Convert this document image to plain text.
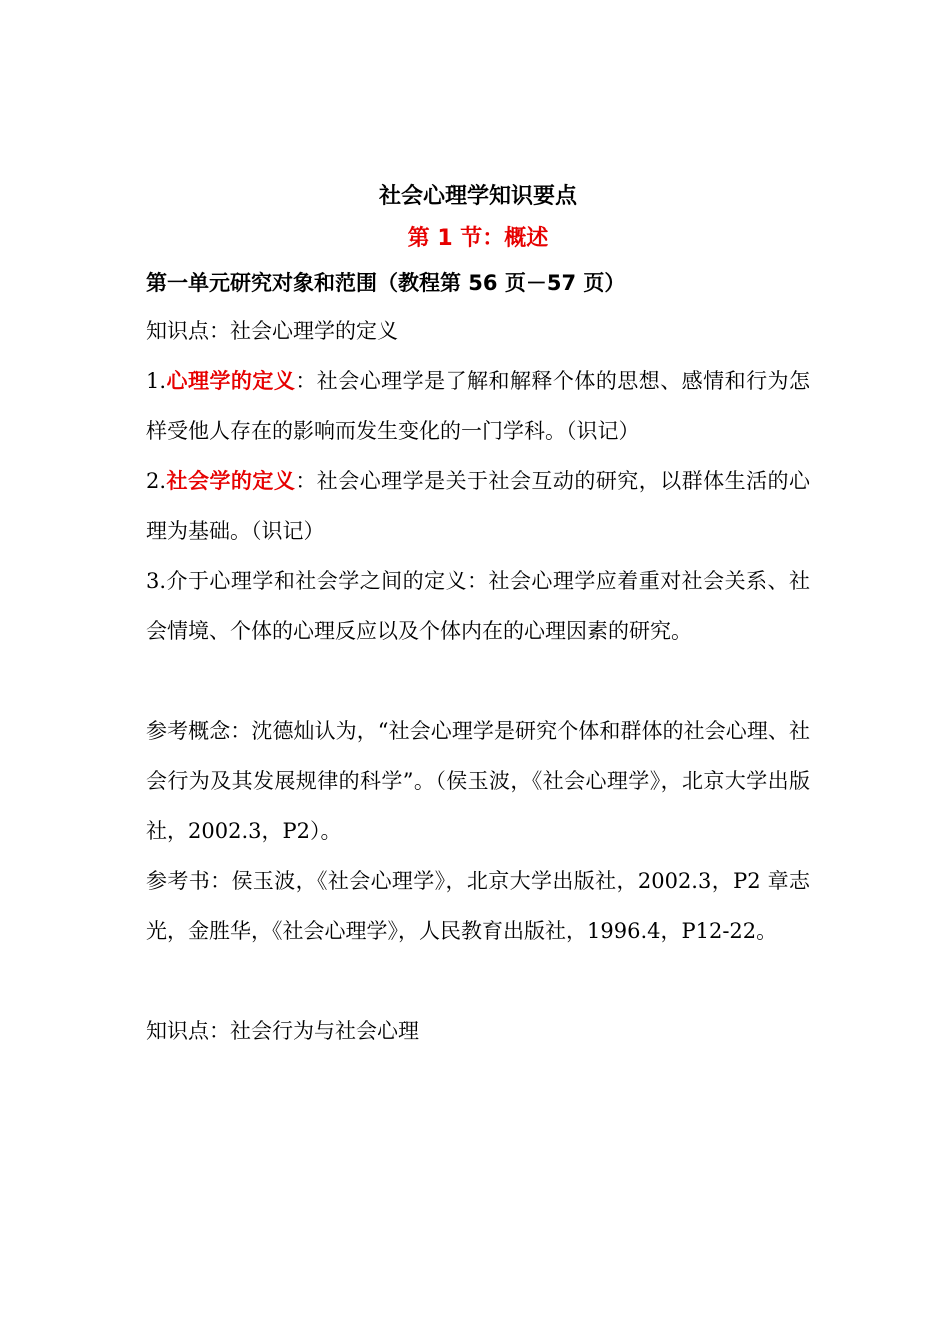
社会心理学知识要点
第 1 节：概述
第一单元研究对象和范围（教程第 56 页－57 页）

知识点：社会心理学的定义

1.心理学的定义：社会心理学是了解和解释个体的思想、感情和行为怎样受他人存在的影响而发生变化的一门学科。（识记）

2.社会学的定义：社会心理学是关于社会互动的研究，以群体生活的心理为基础。（识记）

3.介于心理学和社会学之间的定义：社会心理学应着重对社会关系、社会情境、个体的心理反应以及个体内在的心理因素的研究。

参考概念：沈德灿认为，“社会心理学是研究个体和群体的社会心理、社会行为及其发展规律的科学”。（侯玉波，《社会心理学》，北京大学出版社，2002.3，P2）。

参考书：侯玉波，《社会心理学》，北京大学出版社，2002.3，P2 章志光，金胜华，《社会心理学》，人民教育出版社，1996.4，P12-22。

知识点：社会行为与社会心理
